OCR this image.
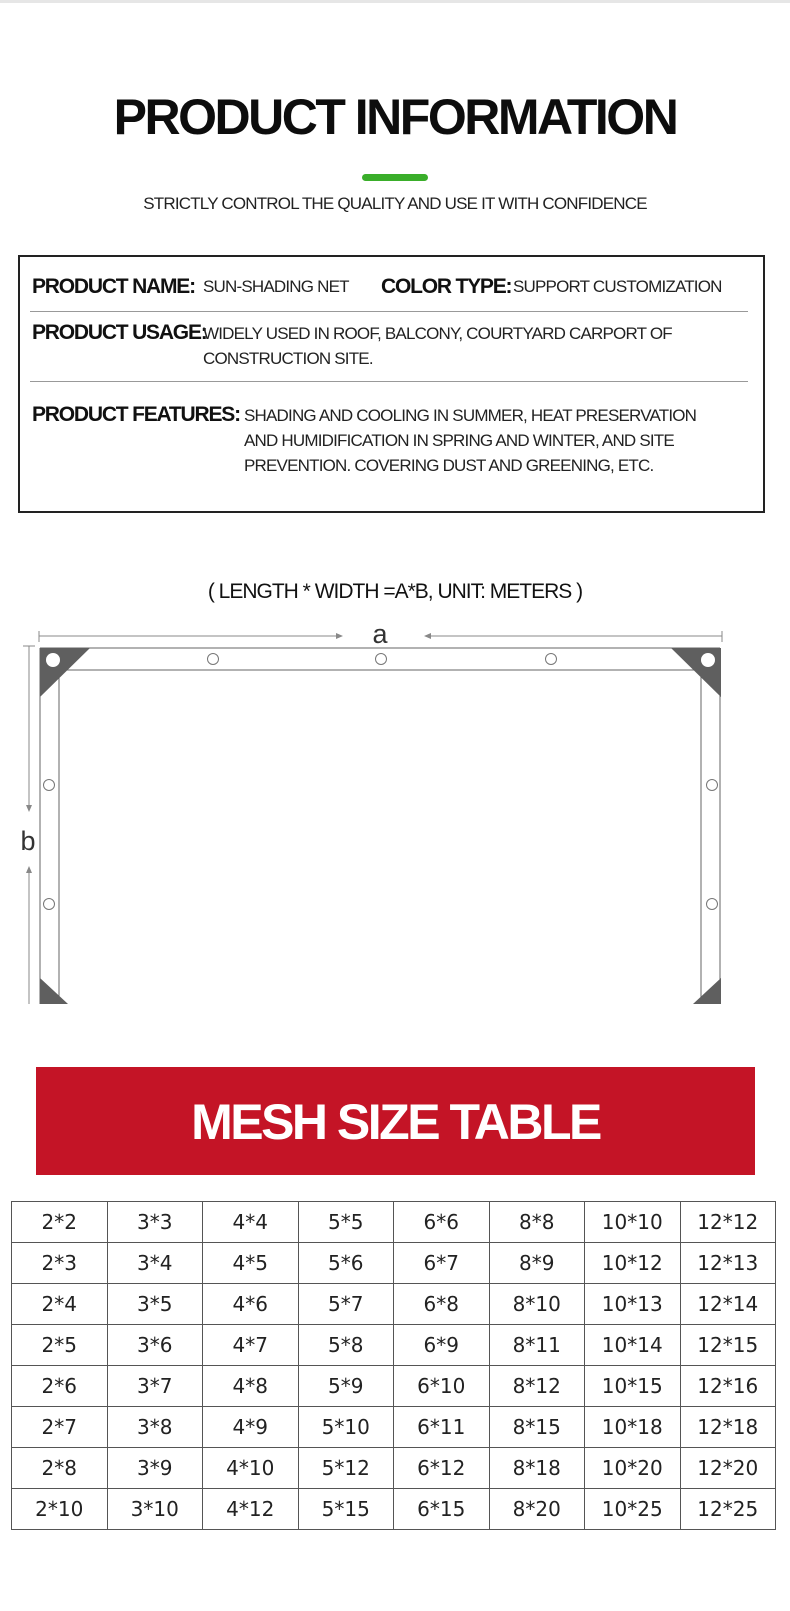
PRODUCT INFORMATION
STRICTLY CONTROL THE QUALITY AND USE IT WITH CONFIDENCE
PRODUCT NAME: SUN-SHADING NET COLOR TYPE: SUPPORT CUSTOMIZATION
PRODUCT USAGE:
WIDELY USED IN ROOF, BALCONY, COURTYARD CARPORT OF CONSTRUCTION SITE.
PRODUCT FEATURES: SHADING AND COOLING IN SUMMER, HEAT PRESERVATION AND HUMIDIFICATION IN SPRING AND WINTER, AND SITE PREVENTION. COVERING DUST AND GREENING, ETC.
( LENGTH * WIDTH =A*B, UNIT: METERS )
a
b
MESH SIZE TABLE
2*2	3*3	4*4	5*5	6*6	8*8	10*10	12*12
2*3	3*4	4*5	5*6	6*7	8*9	10*12	12*13
2*4	3*5	4*6	5*7	6*8	8*10	10*13	12*14
2*5	3*6	4*7	5*8	6*9	8*11	10*14	12*15
2*6	3*7	4*8	5*9	6*10	8*12	10*15	12*16
2*7	3*8	4*9	5*10	6*11	8*15	10*18	12*18
2*8	3*9	4*10	5*12	6*12	8*18	10*20	12*20
2*10	3*10	4*12	5*15	6*15	8*20	10*25	12*25
